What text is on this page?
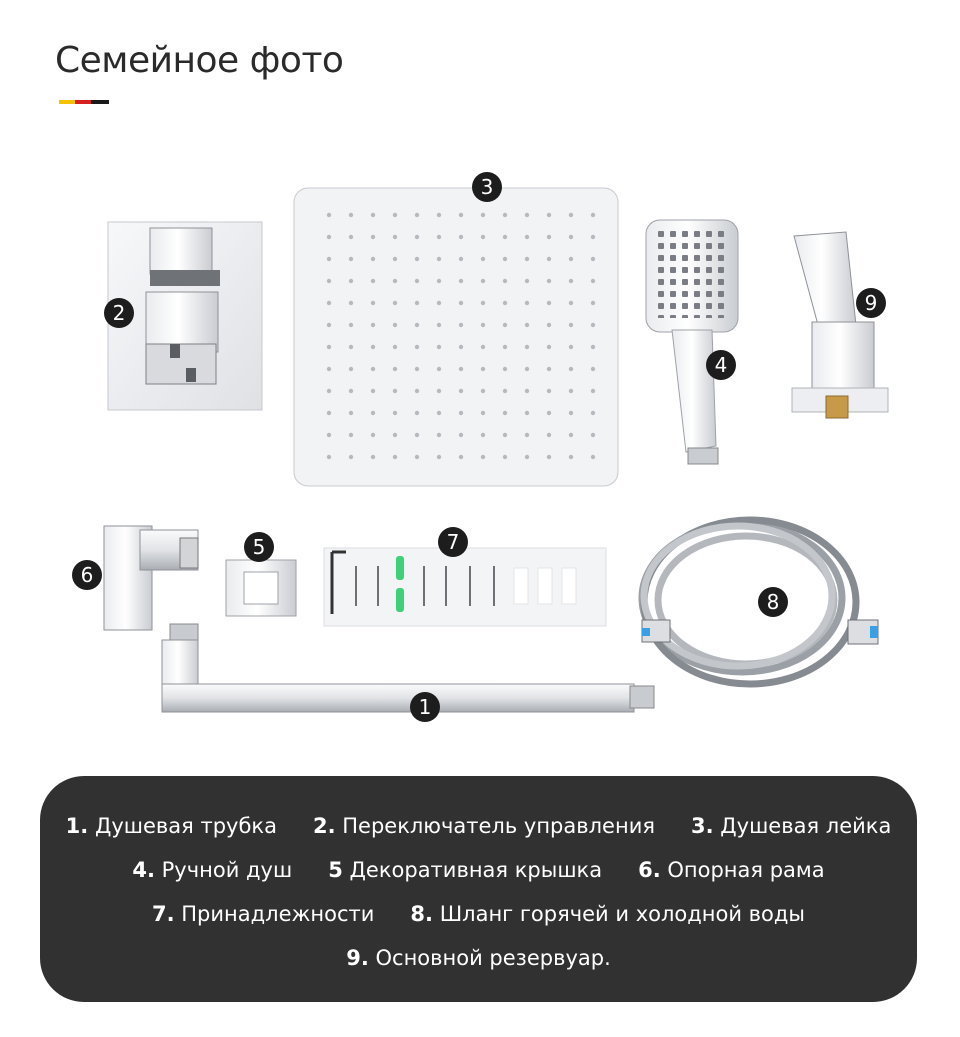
Семейное фото
1
2
3
4
5
6
7
8
9
1. Душевая трубка 2. Переключатель управления 3. Душевая лейка
4. Ручной душ 5 Декоративная крышка 6. Опорная рама
7. Принадлежности 8. Шланг горячей и холодной воды
9. Основной резервуар.
